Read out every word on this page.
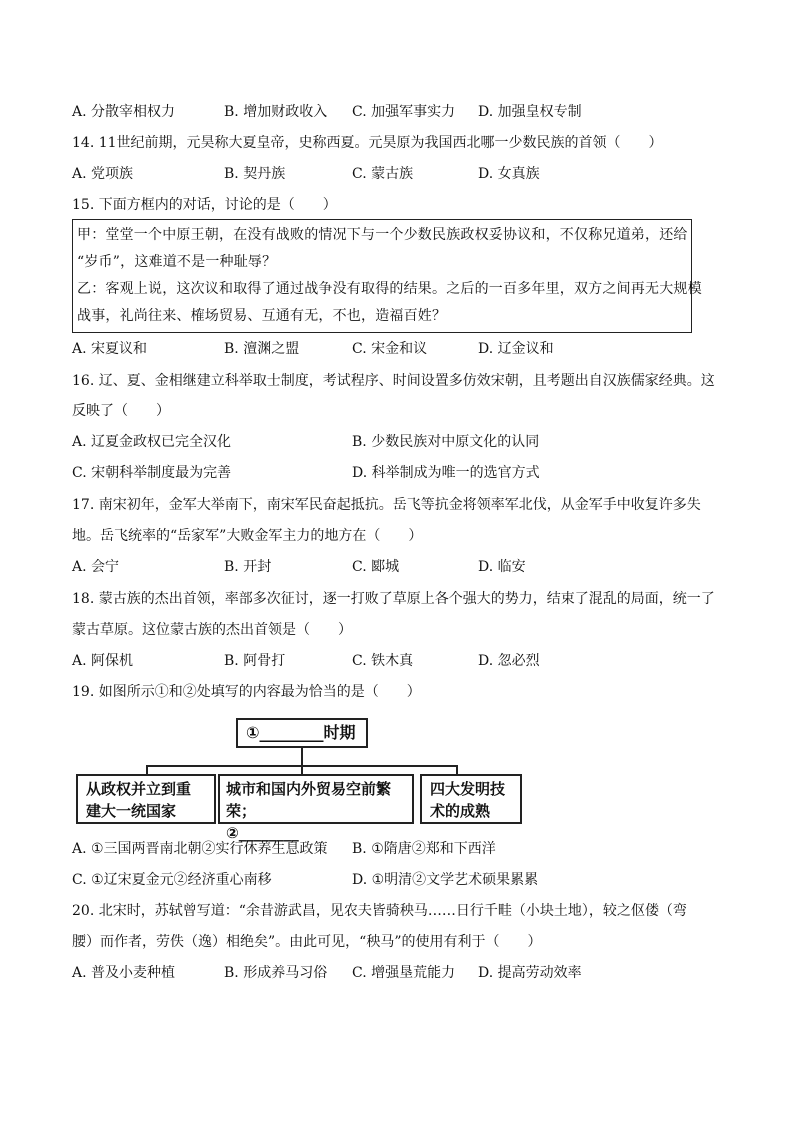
A. 分散宰相权力	B. 增加财政收入 C. 加强军事实力 D. 加强皇权专制
14. 11世纪前期，元昊称大夏皇帝，史称西夏。元昊原为我国西北哪一少数民族的首领（　　）
A. 党项族	B. 契丹族	C. 蒙古族	D. 女真族
15. 下面方框内的对话，讨论的是（　　）
甲：堂堂一个中原王朝，在没有战败的情况下与一个少数民族政权妥协议和，不仅称兄道弟，还给
“岁币”，这难道不是一种耻辱？
乙：客观上说，这次议和取得了通过战争没有取得的结果。之后的一百多年里，双方之间再无大规模
战事，礼尚往来、榷场贸易、互通有无，不也，造福百姓？
A. 宋夏议和	B. 澶渊之盟	C. 宋金和议	D. 辽金议和
16. 辽、夏、金相继建立科举取士制度，考试程序、时间设置多仿效宋朝，且考题出自汉族儒家经典。这
反映了（　　）
A. 辽夏金政权已完全汉化	B. 少数民族对中原文化的认同
C. 宋朝科举制度最为完善	D. 科举制成为唯一的选官方式
17. 南宋初年，金军大举南下，南宋军民奋起抵抗。岳飞等抗金将领率军北伐，从金军手中收复许多失
地。岳飞统率的“岳家军”大败金军主力的地方在（　　）
A. 会宁	B. 开封	C. 郾城	D. 临安
18. 蒙古族的杰出首领，率部多次征讨，逐一打败了草原上各个强大的势力，结束了混乱的局面，统一了
蒙古草原。这位蒙古族的杰出首领是（　　）
A. 阿保机	B. 阿骨打	C. 铁木真	D. 忽必烈
19. 如图所示①和②处填写的内容最为恰当的是（　　）
①________时期
从政权并立到重
建大一统国家
城市和国内外贸易空前繁荣；
②________
四大发明技
术的成熟
A. ①三国两晋南北朝②实行休养生息政策 B. ①隋唐②郑和下西洋
C. ①辽宋夏金元②经济重心南移	D. ①明清②文学艺术硕果累累
20. 北宋时，苏轼曾写道：“余昔游武昌，见农夫皆骑秧马……日行千畦（小块土地），较之伛偻（弯
腰）而作者，劳佚（逸）相绝矣”。由此可见，“秧马”的使用有利于（　　）
A. 普及小麦种植	B. 形成养马习俗 C. 增强垦荒能力 D. 提高劳动效率
